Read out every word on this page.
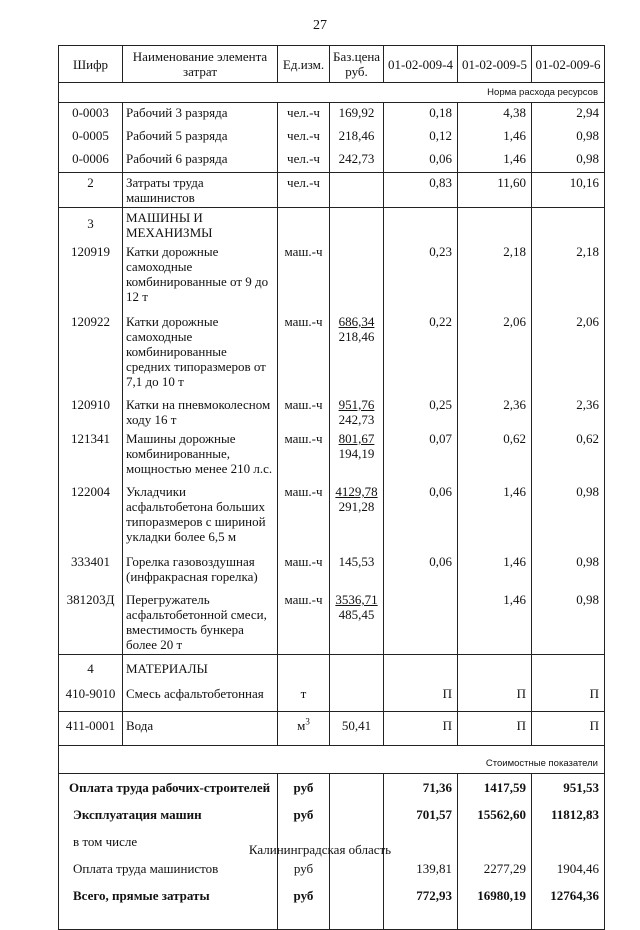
27
Шифр	Наименование элемента затрат	Ед.изм.	Баз.цена руб.	01-02-009-4	01-02-009-5	01-02-009-6
Норма расхода ресурсов						
0-0003	Рабочий 3 разряда	чел.-ч	169,92	0,18	4,38	2,94
0-0005	Рабочий 5 разряда	чел.-ч	218,46	0,12	1,46	0,98
0-0006	Рабочий 6 разряда	чел.-ч	242,73	0,06	1,46	0,98
2	Затраты труда машинистов	чел.-ч		0,83	11,60	10,16
3	МАШИНЫ И МЕХАНИЗМЫ					
120919	Катки дорожные самоходные комбинированные от 9 до 12 т	маш.-ч		0,23	2,18	2,18
120922	Катки дорожные самоходные комбинированные средних типоразмеров от 7,1 до 10 т	маш.-ч	686,34
218,46	0,22	2,06	2,06
120910	Катки на пневмоколесном ходу 16 т	маш.-ч	951,76
242,73	0,25	2,36	2,36
121341	Машины дорожные комбинированные, мощностью менее 210 л.с.	маш.-ч	801,67
194,19	0,07	0,62	0,62
122004	Укладчики асфальтобетона больших типоразмеров с шириной укладки более 6,5 м	маш.-ч	4129,78
291,28	0,06	1,46	0,98
333401	Горелка газовоздушная (инфракрасная горелка)	маш.-ч	145,53	0,06	1,46	0,98
381203Д	Перегружатель асфальтобетонной смеси, вместимость бункера более 20 т	маш.-ч	3536,71
485,45		1,46	0,98
4	МАТЕРИАЛЫ					
410-9010	Смесь асфальтобетонная	т		П	П	П
411-0001	Вода	$м^3$	50,41	П	П	П
Стоимостные показатели						
Оплата труда рабочих-строителей		руб		71,36	1417,59	951,53
Эксплуатация машин		руб		701,57	15562,60	11812,83
в том числе						
Оплата труда машинистов		руб		139,81	2277,29	1904,46
Всего, прямые затраты		руб		772,93	16980,19	12764,36

Калининградская область
